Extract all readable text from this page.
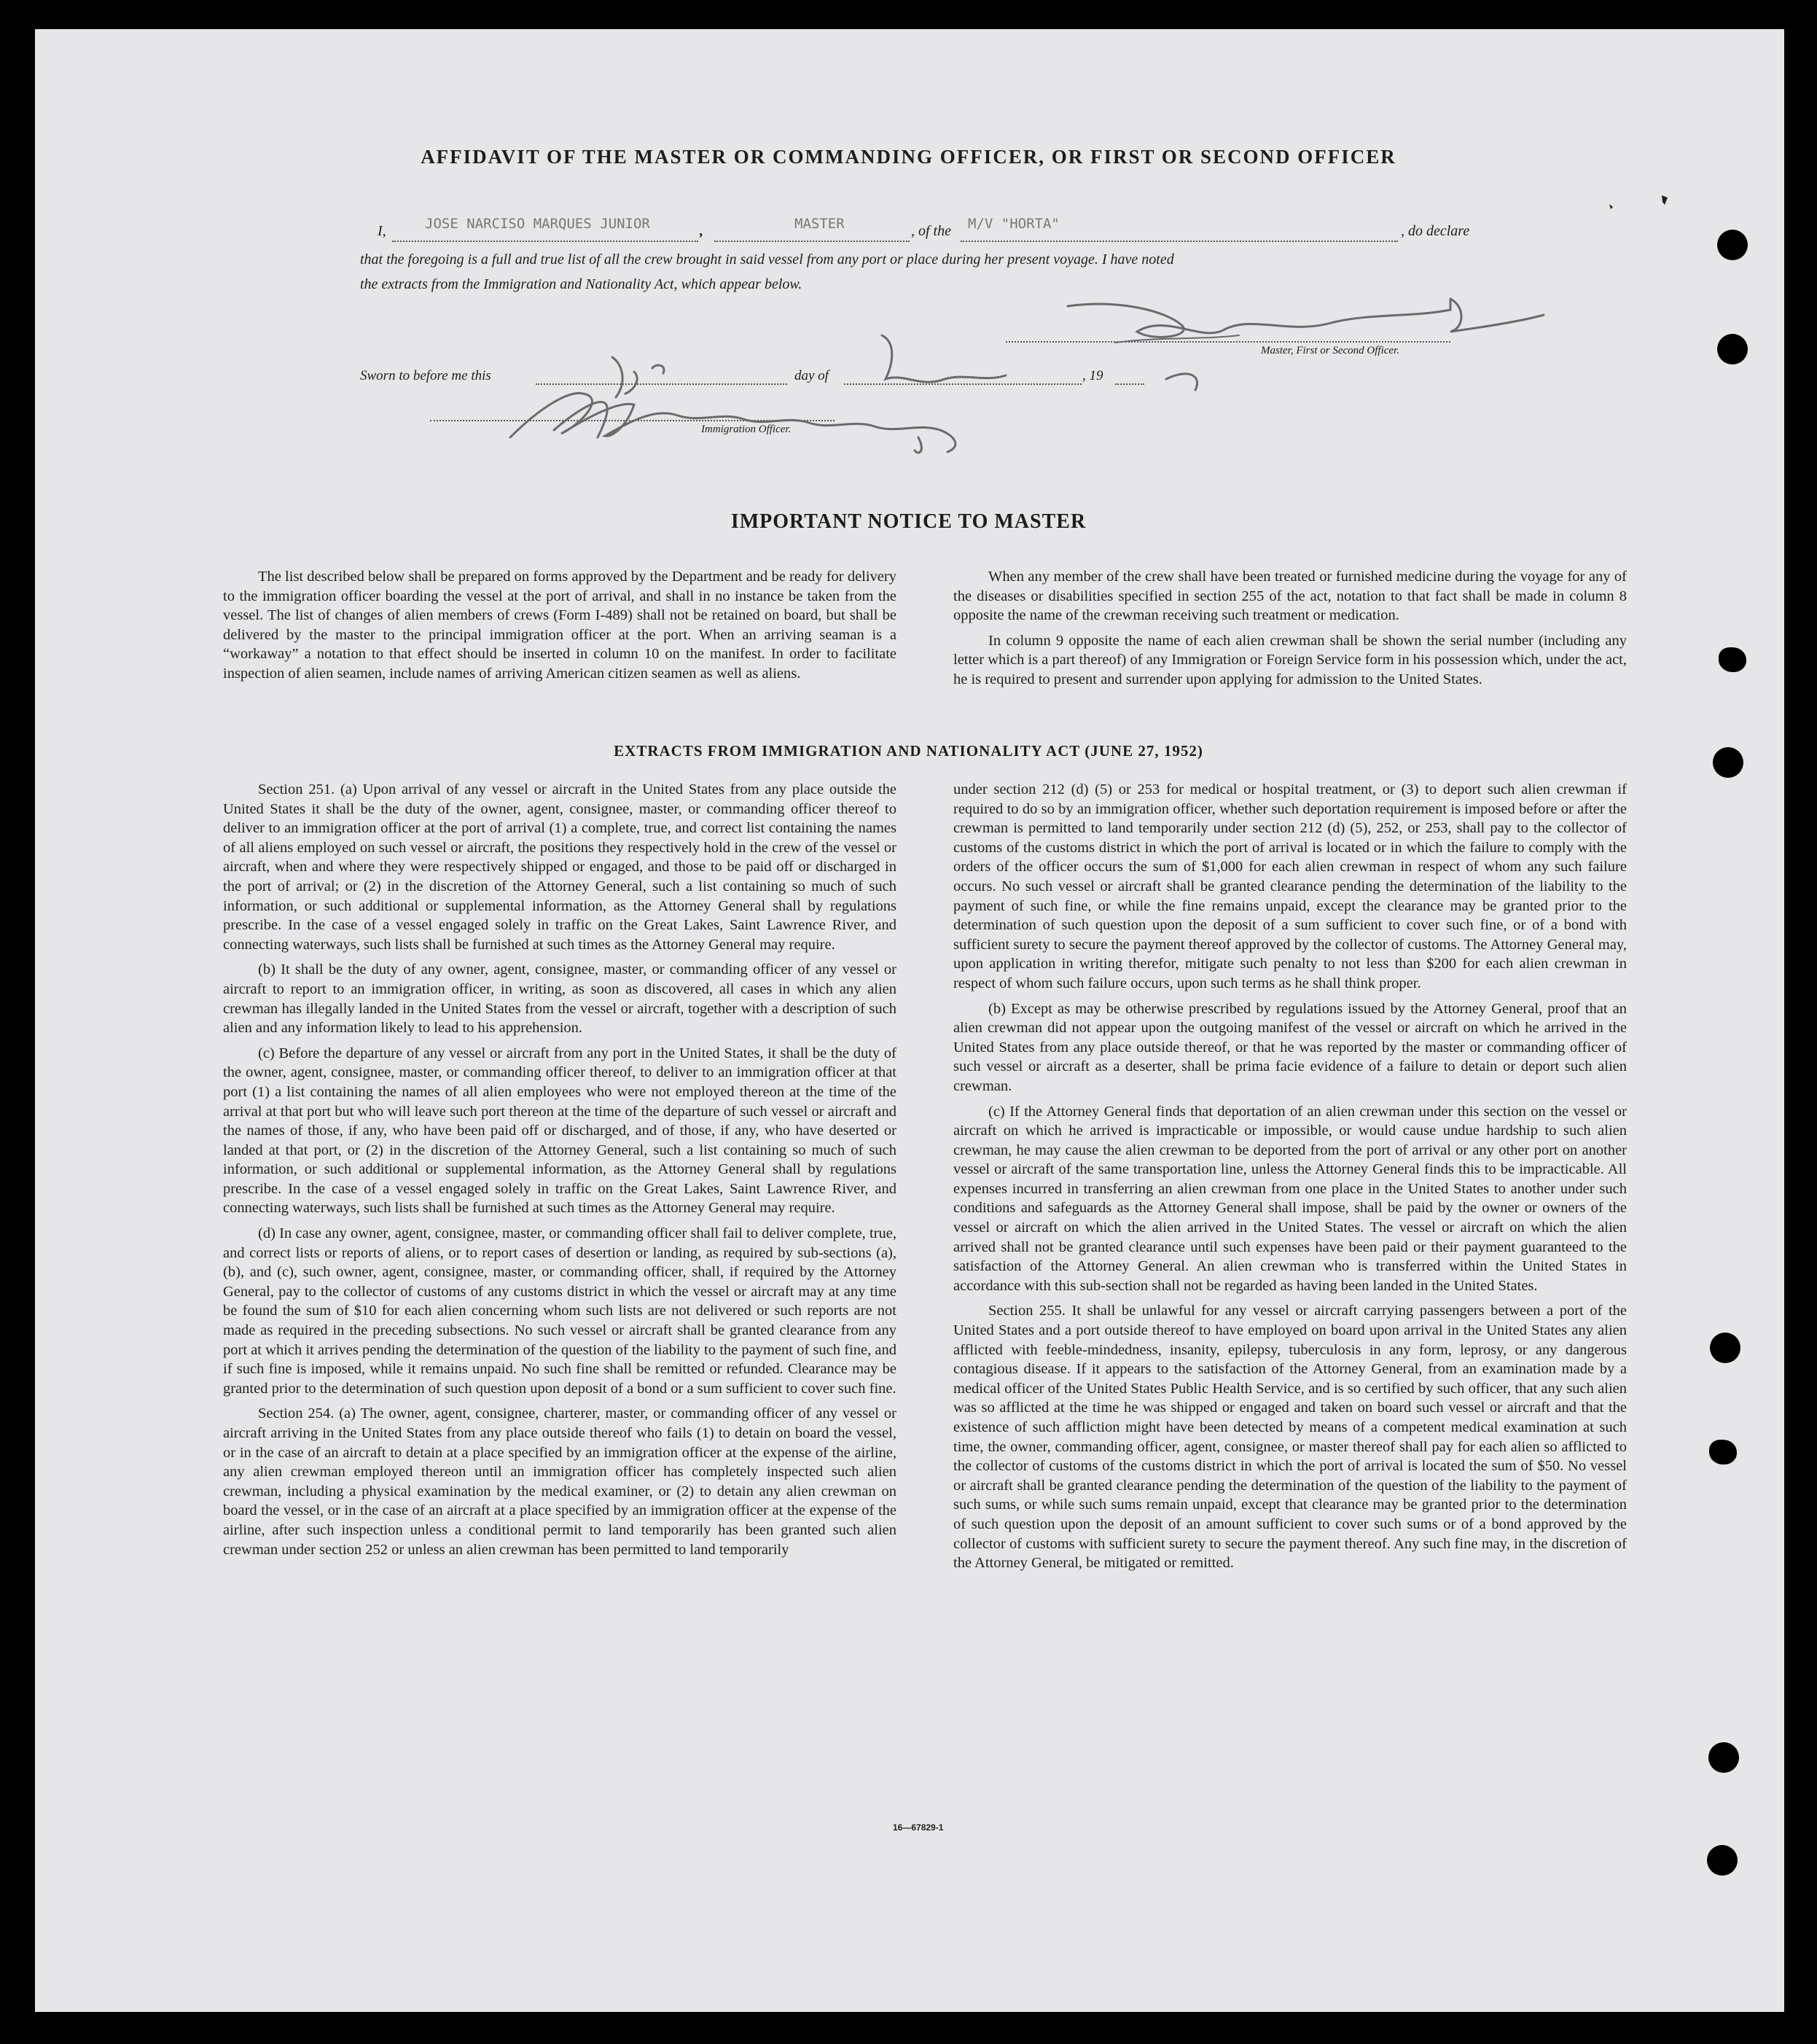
AFFIDAVIT OF THE MASTER OR COMMANDING OFFICER, OR FIRST OR SECOND OFFICER
I,	JOSE NARCISO MARQUES JUNIOR	,	MASTER	, of the M/V "HORTA"	, do declare
that the foregoing is a full and true list of all the crew brought in said vessel from any port or place during her present voyage. I have noted
the extracts from the Immigration and Nationality Act, which appear below.
Master, First or Second Officer.
Sworn to before me this	day of	, 19
Immigration Officer.
IMPORTANT NOTICE TO MASTER

The list described below shall be prepared on forms approved by the Department and be ready for delivery to the immigration officer boarding the vessel at the port of arrival, and shall in no instance be taken from the vessel. The list of changes of alien members of crews (Form I-489) shall not be retained on board, but shall be delivered by the master to the principal immigration officer at the port. When an arriving seaman is a “workaway” a notation to that effect should be inserted in column 10 on the manifest. In order to facilitate inspection of alien seamen, include names of arriving American citizen seamen as well as aliens.

When any member of the crew shall have been treated or furnished medicine during the voyage for any of the diseases or disabilities specified in section 255 of the act, notation to that fact shall be made in column 8 opposite the name of the crewman receiving such treatment or medication.

In column 9 opposite the name of each alien crewman shall be shown the serial number (including any letter which is a part thereof) of any Immigration or Foreign Service form in his possession which, under the act, he is required to present and surrender upon applying for admission to the United States.

EXTRACTS FROM IMMIGRATION AND NATIONALITY ACT (JUNE 27, 1952)

Section 251. (a) Upon arrival of any vessel or aircraft in the United States from any place outside the United States it shall be the duty of the owner, agent, consignee, master, or commanding officer thereof to deliver to an immigration officer at the port of arrival (1) a complete, true, and correct list containing the names of all aliens employed on such vessel or aircraft, the positions they respectively hold in the crew of the vessel or aircraft, when and where they were respectively shipped or engaged, and those to be paid off or discharged in the port of arrival; or (2) in the discretion of the Attorney General, such a list containing so much of such information, or such additional or supplemental information, as the Attorney General shall by regulations prescribe. In the case of a vessel engaged solely in traffic on the Great Lakes, Saint Lawrence River, and connecting waterways, such lists shall be furnished at such times as the Attorney General may require.

(b) It shall be the duty of any owner, agent, consignee, master, or commanding officer of any vessel or aircraft to report to an immigration officer, in writing, as soon as discovered, all cases in which any alien crewman has illegally landed in the United States from the vessel or aircraft, together with a description of such alien and any information likely to lead to his apprehension.

(c) Before the departure of any vessel or aircraft from any port in the United States, it shall be the duty of the owner, agent, consignee, master, or commanding officer thereof, to deliver to an immigration officer at that port (1) a list containing the names of all alien employees who were not employed thereon at the time of the arrival at that port but who will leave such port thereon at the time of the departure of such vessel or aircraft and the names of those, if any, who have been paid off or discharged, and of those, if any, who have deserted or landed at that port, or (2) in the discretion of the Attorney General, such a list containing so much of such information, or such additional or supplemental information, as the Attorney General shall by regulations prescribe. In the case of a vessel engaged solely in traffic on the Great Lakes, Saint Lawrence River, and connecting waterways, such lists shall be furnished at such times as the Attorney General may require.

(d) In case any owner, agent, consignee, master, or commanding officer shall fail to deliver complete, true, and correct lists or reports of aliens, or to report cases of desertion or landing, as required by sub-sections (a), (b), and (c), such owner, agent, consignee, master, or commanding officer, shall, if required by the Attorney General, pay to the collector of customs of any customs district in which the vessel or aircraft may at any time be found the sum of $10 for each alien concerning whom such lists are not delivered or such reports are not made as required in the preceding subsections. No such vessel or aircraft shall be granted clearance from any port at which it arrives pending the determination of the question of the liability to the payment of such fine, and if such fine is imposed, while it remains unpaid. No such fine shall be remitted or refunded. Clearance may be granted prior to the determination of such question upon deposit of a bond or a sum sufficient to cover such fine.

Section 254. (a) The owner, agent, consignee, charterer, master, or commanding officer of any vessel or aircraft arriving in the United States from any place outside thereof who fails (1) to detain on board the vessel, or in the case of an aircraft to detain at a place specified by an immigration officer at the expense of the airline, any alien crewman employed thereon until an immigration officer has completely inspected such alien crewman, including a physical examination by the medical examiner, or (2) to detain any alien crewman on board the vessel, or in the case of an aircraft at a place specified by an immigration officer at the expense of the airline, after such inspection unless a conditional permit to land temporarily has been granted such alien crewman under section 252 or unless an alien crewman has been permitted to land temporarily

under section 212 (d) (5) or 253 for medical or hospital treatment, or (3) to deport such alien crewman if required to do so by an immigration officer, whether such deportation requirement is imposed before or after the crewman is permitted to land temporarily under section 212 (d) (5), 252, or 253, shall pay to the collector of customs of the customs district in which the port of arrival is located or in which the failure to comply with the orders of the officer occurs the sum of $1,000 for each alien crewman in respect of whom any such failure occurs. No such vessel or aircraft shall be granted clearance pending the determination of the liability to the payment of such fine, or while the fine remains unpaid, except the clearance may be granted prior to the determination of such question upon the deposit of a sum sufficient to cover such fine, or of a bond with sufficient surety to secure the payment thereof approved by the collector of customs. The Attorney General may, upon application in writing therefor, mitigate such penalty to not less than $200 for each alien crewman in respect of whom such failure occurs, upon such terms as he shall think proper.

(b) Except as may be otherwise prescribed by regulations issued by the Attorney General, proof that an alien crewman did not appear upon the outgoing manifest of the vessel or aircraft on which he arrived in the United States from any place outside thereof, or that he was reported by the master or commanding officer of such vessel or aircraft as a deserter, shall be prima facie evidence of a failure to detain or deport such alien crewman.

(c) If the Attorney General finds that deportation of an alien crewman under this section on the vessel or aircraft on which he arrived is impracticable or impossible, or would cause undue hardship to such alien crewman, he may cause the alien crewman to be deported from the port of arrival or any other port on another vessel or aircraft of the same transportation line, unless the Attorney General finds this to be impracticable. All expenses incurred in transferring an alien crewman from one place in the United States to another under such conditions and safeguards as the Attorney General shall impose, shall be paid by the owner or owners of the vessel or aircraft on which the alien arrived in the United States. The vessel or aircraft on which the alien arrived shall not be granted clearance until such expenses have been paid or their payment guaranteed to the satisfaction of the Attorney General. An alien crewman who is transferred within the United States in accordance with this sub-section shall not be regarded as having been landed in the United States.

Section 255. It shall be unlawful for any vessel or aircraft carrying passengers between a port of the United States and a port outside thereof to have employed on board upon arrival in the United States any alien afflicted with feeble-mindedness, insanity, epilepsy, tuberculosis in any form, leprosy, or any dangerous contagious disease. If it appears to the satisfaction of the Attorney General, from an examination made by a medical officer of the United States Public Health Service, and is so certified by such officer, that any such alien was so afflicted at the time he was shipped or engaged and taken on board such vessel or aircraft and that the existence of such affliction might have been detected by means of a competent medical examination at such time, the owner, commanding officer, agent, consignee, or master thereof shall pay for each alien so afflicted to the collector of customs of the customs district in which the port of arrival is located the sum of $50. No vessel or aircraft shall be granted clearance pending the determination of the question of the liability to the payment of such sums, or while such sums remain unpaid, except that clearance may be granted prior to the determination of such question upon the deposit of an amount sufficient to cover such sums or of a bond approved by the collector of customs with sufficient surety to secure the payment thereof. Any such fine may, in the discretion of the Attorney General, be mitigated or remitted.

16—67829-1
